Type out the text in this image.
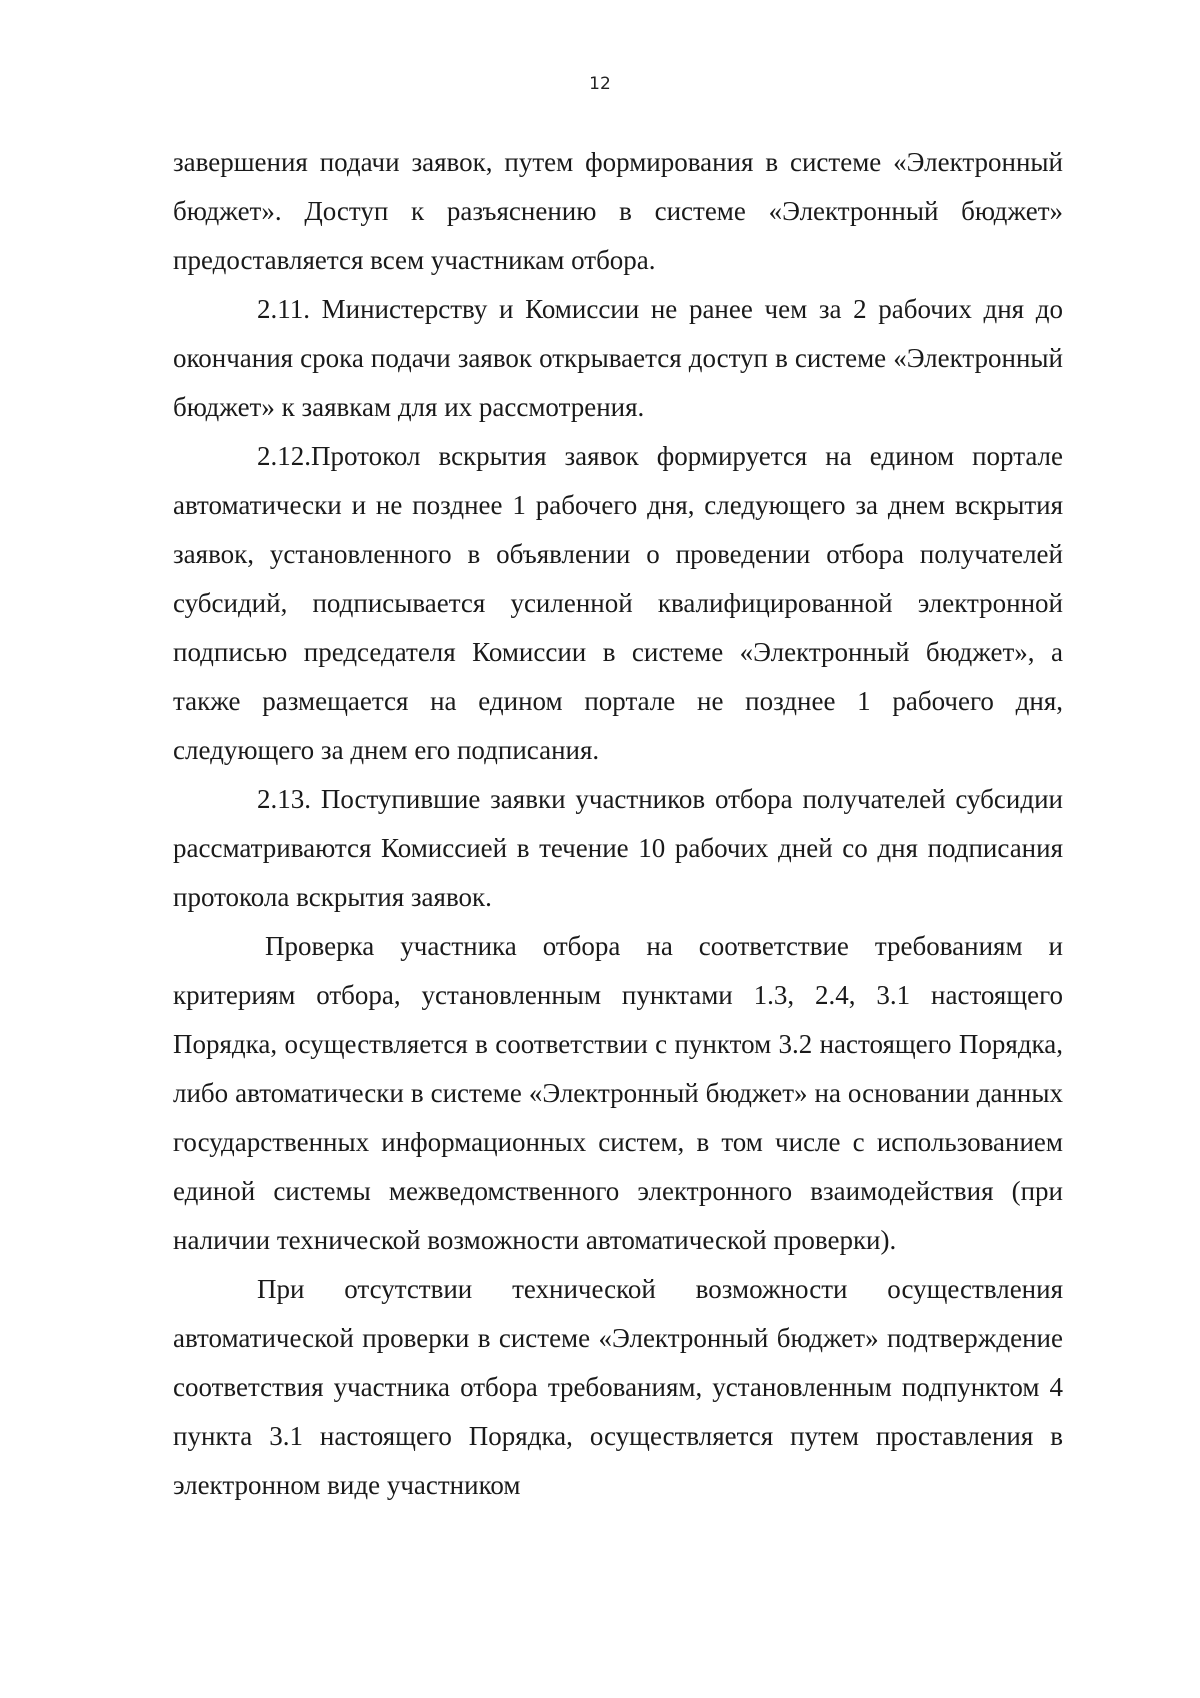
12

завершения подачи заявок, путем формирования в системе «Электронный бюджет». Доступ к разъяснению в системе «Электронный бюджет» предоставляется всем участникам отбора.

2.11. Министерству и Комиссии не ранее чем за 2 рабочих дня до окончания срока подачи заявок открывается доступ в системе «Электронный бюджет» к заявкам для их рассмотрения.

2.12.Протокол вскрытия заявок формируется на едином портале автоматически и не позднее 1 рабочего дня, следующего за днем вскрытия заявок, установленного в объявлении о проведении отбора получателей субсидий, подписывается усиленной квалифицированной электронной подписью председателя Комиссии в системе «Электронный бюджет», а также размещается на едином портале не позднее 1 рабочего дня, следующего за днем его подписания.

2.13. Поступившие заявки участников отбора получателей субсидии рассматриваются Комиссией в течение 10 рабочих дней со дня подписания протокола вскрытия заявок.

Проверка участника отбора на соответствие требованиям и критериям отбора, установленным пунктами 1.3, 2.4, 3.1 настоящего Порядка, осуществляется в соответствии с пунктом 3.2 настоящего Порядка, либо автоматически в системе «Электронный бюджет» на основании данных государственных информационных систем, в том числе с использованием единой системы межведомственного электронного взаимодействия (при наличии технической возможности автоматической проверки).

При отсутствии технической возможности осуществления автоматической проверки в системе «Электронный бюджет» подтверждение соответствия участника отбора требованиям, установленным подпунктом 4 пункта 3.1 настоящего Порядка, осуществляется путем проставления в электронном виде участником
